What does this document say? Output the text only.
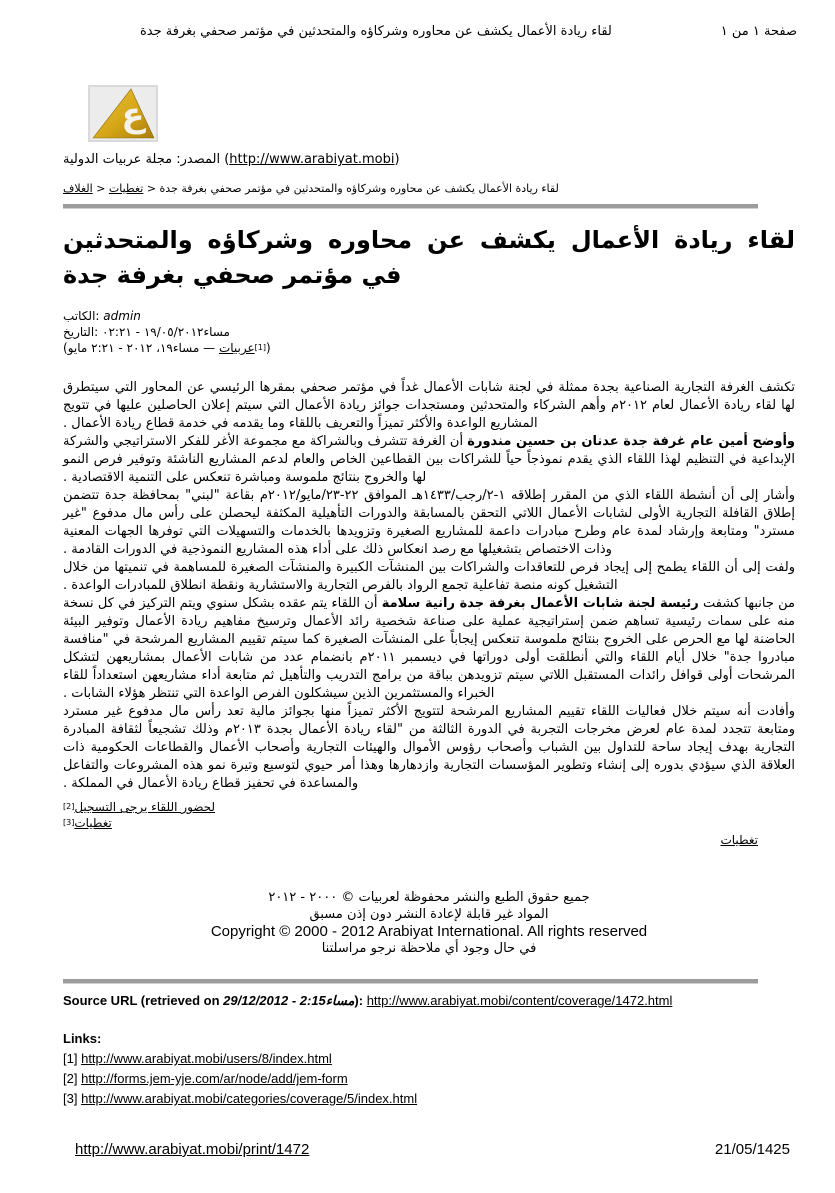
لقاء ريادة الأعمال يكشف عن محاوره وشركاؤه والمتحدثين في مؤتمر صحفي بغرفة جدة	صفحة ١ من ١
ع
المصدر: مجلة عربيات الدولية (http://www.arabiyat.mobi)
الغلاف > تغطيات > لقاء ريادة الأعمال يكشف عن محاوره وشركاؤه والمتحدثين في مؤتمر صحفي بغرفة جدة
لقاء ريادة الأعمال يكشف عن محاوره وشركاؤه والمتحدثين في مؤتمر صحفي بغرفة جدة
الكاتب: admin
التاريخ: ١٩/٠٥/٢٠١٢ - ٠٢:٢١مساء
(مايو ١٩، ٢٠١٢ - ٢:٢١مساء — عربيات[1])

تكشف الغرفة التجارية الصناعية بجدة ممثلة في لجنة شابات الأعمال غداً في مؤتمر صحفي بمقرها الرئيسي عن المحاور التي سيتطرق لها لقاء ريادة الأعمال لعام ٢٠١٢م وأهم الشركاء والمتحدثين ومستجدات جوائز ريادة الأعمال التي سيتم إعلان الحاصلين عليها في تتويج المشاريع الواعدة والأكثر تميزاً والتعريف باللقاء وما يقدمه في خدمة قطاع ريادة الأعمال .

وأوضح أمين عام غرفة جدة عدنان بن حسين مندورة أن الغرفة تتشرف وبالشراكة مع مجموعة الأغر للفكر الاستراتيجي والشركة الإبداعية في التنظيم لهذا اللقاء الذي يقدم نموذجاً حياً للشراكات بين القطاعين الخاص والعام لدعم المشاريع الناشئة وتوفير فرص النمو لها والخروج بنتائج ملموسة ومباشرة تنعكس على التنمية الاقتصادية .

وأشار إلى أن أنشطة اللقاء الذي من المقرر إطلاقه ١-٢/رجب/١٤٣٣هـ الموافق ٢٢-٢٣/مايو/٢٠١٢م بقاعة "لبني" بمحافظة جدة تتضمن إطلاق القافلة التجارية الأولى لشابات الأعمال اللاتي التحقن بالمسابقة والدورات التأهيلية المكثفة ليحصلن على رأس مال مدفوع "غير مسترد" ومتابعة وإرشاد لمدة عام وطرح مبادرات داعمة للمشاريع الصغيرة وتزويدها بالخدمات والتسهيلات التي توفرها الجهات المعنية وذات الاختصاص بتشغيلها مع رصد انعكاس ذلك على أداء هذه المشاريع النموذجية في الدورات القادمة .

ولفت إلى أن اللقاء يطمح إلى إيجاد فرص للتعاقدات والشراكات بين المنشآت الكبيرة والمنشآت الصغيرة للمساهمة في تنميتها من خلال التشغيل كونه منصة تفاعلية تجمع الرواد بالفرص التجارية والاستشارية ونقطة انطلاق للمبادرات الواعدة .

من جانبها كشفت رئيسة لجنة شابات الأعمال بغرفة جدة رانية سلامة أن اللقاء يتم عقده بشكل سنوي ويتم التركيز في كل نسخة منه على سمات رئيسية تساهم ضمن إستراتيجية عملية على صناعة شخصية رائد الأعمال وترسيخ مفاهيم ريادة الأعمال وتوفير البيئة الحاضنة لها مع الحرص على الخروج بنتائج ملموسة تنعكس إيجاباً على المنشآت الصغيرة كما سيتم تقييم المشاريع المرشحة في "منافسة مبادروا جدة" خلال أيام اللقاء والتي أنطلقت أولى دوراتها في ديسمبر ٢٠١١م بانضمام عدد من شابات الأعمال بمشاريعهن لتشكل المرشحات أولى قوافل رائدات المستقبل اللاتي سيتم تزويدهن بباقة من برامج التدريب والتأهيل ثم متابعة أداء مشاريعهن استعداداً للقاء الخبراء والمستثمرين الذين سيشكلون الفرص الواعدة التي تنتظر هؤلاء الشابات .

وأفادت أنه سيتم خلال فعاليات اللقاء تقييم المشاريع المرشحة لتتويج الأكثر تميزاً منها بجوائز مالية تعد رأس مال مدفوع غير مسترد ومتابعة تتجدد لمدة عام لعرض مخرجات التجربة في الدورة الثالثة من "لقاء ريادة الأعمال بجدة ٢٠١٣م وذلك تشجيعاً لثقافة المبادرة التجارية بهدف إيجاد ساحة للتداول بين الشباب وأصحاب رؤوس الأموال والهيئات التجارية وأصحاب الأعمال والقطاعات الحكومية ذات العلاقة الذي سيؤدي بدوره إلى إنشاء وتطوير المؤسسات التجارية وازدهارها وهذا أمر حيوي لتوسيع وتيرة نمو هذه المشروعات والتفاعل والمساعدة في تحفيز قطاع ريادة الأعمال في المملكة .

لحضور اللقاء يرجى التسجيل[2]
تغطيات[3]
تغطيات
جميع حقوق الطبع والنشر محفوظة لعربيات © ٢٠٠٠ - ٢٠١٢
المواد غير قابلة لإعادة النشر دون إذن مسبق
Copyright © 2000 - 2012 Arabiyat International. All rights reserved
في حال وجود أي ملاحظة نرجو مراسلتنا
Source URL (retrieved on 29/12/2012 - 2:15مساء): http://www.arabiyat.mobi/content/coverage/1472.html
Links:
[1] http://www.arabiyat.mobi/users/8/index.html
[2] http://forms.jem-yje.com/ar/node/add/jem-form
[3] http://www.arabiyat.mobi/categories/coverage/5/index.html
http://www.arabiyat.mobi/print/1472	21/05/1425
